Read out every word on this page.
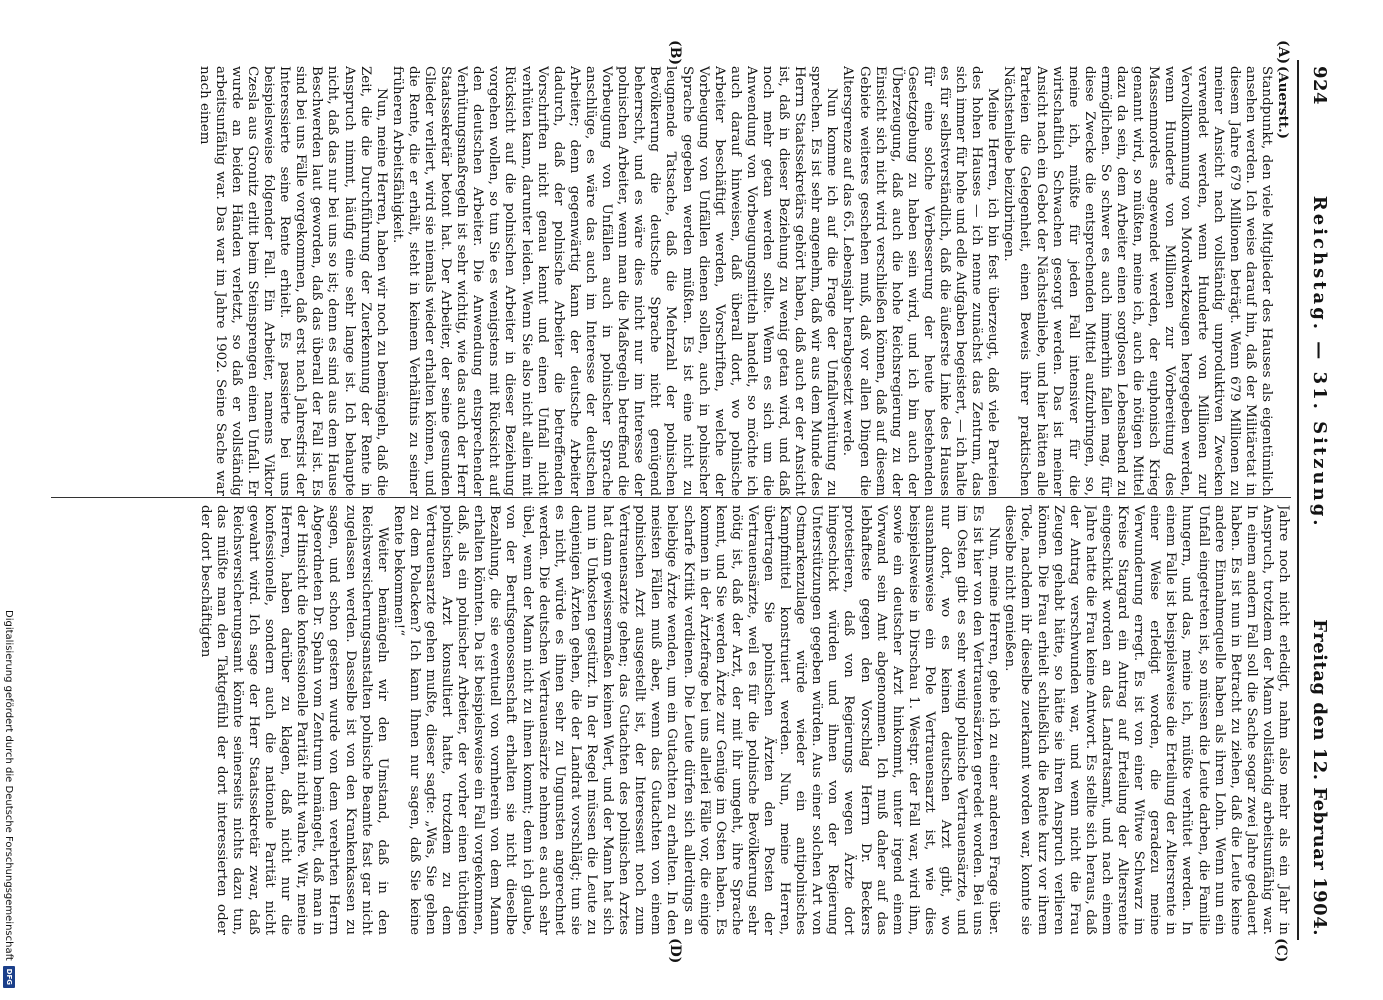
924
Reichstag. — 31. Sitzung.
Freitag den 12. Februar 1904.
(A)
(B)
(C)
(D)

(Auerstt.)

Standpunkt, den viele Mitglieder des Hauses als eigentümlich ansehen werden. Ich weise darauf hin, daß der Militäretat in diesem Jahre 679 Millionen beträgt. Wenn 679 Millionen zu meiner Ansicht nach vollständig unproduktiven Zwecken verwendet werden, wenn Hunderte von Millionen zur Vervollkommnung von Mordwerkzeugen hergegeben werden, wenn Hunderte von Millionen zur Vorbereitung des Massenmordes angewendet werden, der euphonisch Krieg genannt wird, so müßten, meine ich, auch die nötigen Mittel dazu da sein, dem Arbeiter einen sorglosen Lebensabend zu ermöglichen. So schwer es auch immerhin fallen mag, für diese Zwecke die entsprechenden Mittel aufzubringen, so, meine ich, müßte für jeden Fall intensiver für die wirtschaftlich Schwachen gesorgt werden. Das ist meiner Ansicht nach ein Gebot der Nächstenliebe, und hier hätten alle Parteien die Gelegenheit, einen Beweis ihrer praktischen Nächstenliebe beizubringen.

Meine Herren, ich bin fest überzeugt, daß viele Parteien des hohen Hauses — ich nenne zunächst das Zentrum, das sich immer für hohe und edle Aufgaben begeistert, — ich halte es für selbstverständlich, daß die äußerste Linke des Hauses für eine solche Verbesserung der heute bestehenden Gesetzgebung zu haben sein wird, und ich bin auch der Überzeugung, daß auch die hohe Reichsregierung zu der Einsicht sich nicht wird verschließen können, daß auf diesem Gebiete weiteres geschehen muß, daß vor allen Dingen die Altersgrenze auf das 65. Lebensjahr herabgesetzt werde.

Nun komme ich auf die Frage der Unfallverhütung zu sprechen. Es ist sehr angenehm, daß wir aus dem Munde des Herrn Staatssekretärs gehört haben, daß auch er der Ansicht ist, daß in dieser Beziehung zu wenig getan wird, und daß noch mehr getan werden sollte. Wenn es sich um die Anwendung von Vorbeugungsmitteln handelt, so möchte ich auch darauf hinweisen, daß überall dort, wo polnische Arbeiter beschäftigt werden, Vorschriften, welche der Vorbeugung von Unfällen dienen sollen, auch in polnischer Sprache gegeben werden müßten. Es ist eine nicht zu leugnende Tatsache, daß die Mehrzahl der polnischen Bevölkerung die deutsche Sprache nicht genügend beherrscht, und es wäre dies nicht nur im Interesse der polnischen Arbeiter, wenn man die Maßregeln betreffend die Vorbeugung von Unfällen auch in polnischer Sprache anschlüge, es wäre das auch im Interesse der deutschen Arbeiter; denn gegenwärtig kann der deutsche Arbeiter dadurch, daß der polnische Arbeiter die betreffenden Vorschriften nicht genau kennt und einen Unfall nicht verhüten kann, darunter leiden. Wenn Sie also nicht allein mit Rücksicht auf die polnischen Arbeiter in dieser Beziehung vorgehen wollen, so tun Sie es wenigstens mit Rücksicht auf den deutschen Arbeiter. Die Anwendung entsprechender Verhütungsmaßregeln ist sehr wichtig, wie das auch der Herr Staatssekretär betont hat. Der Arbeiter, der seine gesunden Glieder verliert, wird sie niemals wieder erhalten können, und die Rente, die er erhält, steht in keinem Verhältnis zu seiner früheren Arbeitsfähigkeit.

Nun, meine Herren, haben wir noch zu bemängeln, daß die Zeit, die die Durchführung der Zuerkennung der Rente in Anspruch nimmt, häufig eine sehr lange ist. Ich behaupte nicht, daß das nur bei uns so ist; denn es sind aus dem Hause Beschwerden laut geworden, daß das überall der Fall ist. Es sind bei uns Fälle vorgekommen, daß erst nach Jahresfrist der Interessierte seine Rente erhielt. Es passierte bei uns beispielsweise folgender Fall. Ein Arbeiter, namens Viktor Czesla aus Gronitz erlitt beim Steinsprengen einen Unfall. Er wurde an beiden Händen verletzt, so daß er vollständig arbeitsunfähig war. Das war im Jahre 1902. Seine Sache war nach einem

Jahre noch nicht erledigt, nahm also mehr als ein Jahr in Anspruch, trotzdem der Mann vollständig arbeitsunfähig war. In einem andern Fall soll die Sache sogar zwei Jahre gedauert haben. Es ist nun in Betracht zu ziehen, daß die Leute keine andere Einnahmequelle haben als ihren Lohn. Wenn nun ein Unfall eingetreten ist, so müssen die Leute darben, die Familie hungern, und das, meine ich, müßte verhütet werden. In einem Falle ist beispielsweise die Erteilung der Altersrente in einer Weise erledigt worden, die geradezu meine Verwunderung erregt. Es ist von einer Witwe Schwarz im Kreise Stargard ein Antrag auf Erteilung der Altersrente eingeschickt worden an das Landratsamt, und nach einem Jahre hatte die Frau keine Antwort. Es stellte sich heraus, daß der Antrag verschwunden war, und wenn nicht die Frau Zeugen gehabt hätte, so hätte sie ihren Anspruch verlieren können. Die Frau erhielt schließlich die Rente kurz vor ihrem Tode, nachdem ihr dieselbe zuerkannt worden war, konnte sie dieselbe nicht genießen.

Nun, meine Herren, gehe ich zu einer anderen Frage über. Es ist hier von den Vertrauensärzten geredet worden. Bei uns im Osten gibt es sehr wenig polnische Vertrauensärzte, und nur dort, wo es keinen deutschen Arzt gibt, wo ausnahmsweise ein Pole Vertrauensarzt ist, wie dies beispielsweise in Dirschau 1. Westpr. der Fall war, wird ihm, sowie ein deutscher Arzt hinkommt, unter irgend einem Vorwand sein Amt abgenommen. Ich muß daher auf das lebhafteste gegen den Vorschlag Herrn Dr. Beckers protestieren, daß von Regierungs wegen Ärzte dort hingeschickt würden und ihnen von der Regierung Unterstützungen gegeben würden. Aus einer solchen Art von Ostmarkenzulage würde wieder ein antipolnisches Kampfmittel konstruiert werden. Nun, meine Herren, übertragen Sie polnischen Ärzten den Posten der Vertrauensärzte, weil es für die polnische Bevölkerung sehr nötig ist, daß der Arzt, der mit ihr umgeht, ihre Sprache kennt, und Sie werden Ärzte zur Genüge im Osten haben. Es kommen in der Ärztefrage bei uns allerlei Fälle vor, die einige scharfe Kritik verdienen. Die Leute dürfen sich allerdings an beliebige Ärzte wenden, um ein Gutachten zu erhalten. In den meisten Fällen muß aber, wenn das Gutachten von einem polnischen Arzt ausgestellt ist, der Interessent noch zum Vertrauensarzte gehen; das Gutachten des polnischen Arztes hat dann gewissermaßen keinen Wert, und der Mann hat sich nun in Unkosten gestürzt. In der Regel müssen die Leute zu denjenigen Ärzten gehen, die der Landrat vorschlägt; tun sie es nicht, würde es ihnen sehr zu Ungunsten angerechnet werden. Die deutschen Vertrauensärzte nehmen es auch sehr übel, wenn der Mann nicht zu ihnen kommt; denn ich glaube, von der Berufsgenossenschaft erhalten sie nicht dieselbe Bezahlung, die sie eventuell von vornherein von dem Mann erhalten könnten. Da ist beispielsweise ein Fall vorgekommen, daß, als ein polnischer Arbeiter, der vorher einen tüchtigen polnischen Arzt konsultiert hatte, trotzdem zu dem Vertrauensarzte gehen mußte, dieser sagte: „Was, Sie gehen zu dem Polacken? Ich kann Ihnen nur sagen, daß Sie keine Rente bekommen!“

Weiter bemängeln wir den Umstand, daß in den Reichsversicherungsanstalten polnische Beamte fast gar nicht zugelassen werden. Dasselbe ist von den Krankenkassen zu sagen, und schon gestern wurde von dem verehrten Herrn Abgeordneten Dr. Spahn vom Zentrum bemängelt, daß man in der Hinsicht die konfessionelle Parität nicht wahre. Wir, meine Herren, haben darüber zu klagen, daß nicht nur die konfessionelle, sondern auch die nationale Parität nicht gewahrt wird. Ich sage der Herr Staatssekretär zwar, daß Reichsversicherungsamt könnte seinerseits nichts dazu tun, das müßte man den Taktgefühl der dort interessierten oder der dort beschäftigten

Digitalisierung gefördert durch die Deutsche Forschungsgemeinschaft
DFG
